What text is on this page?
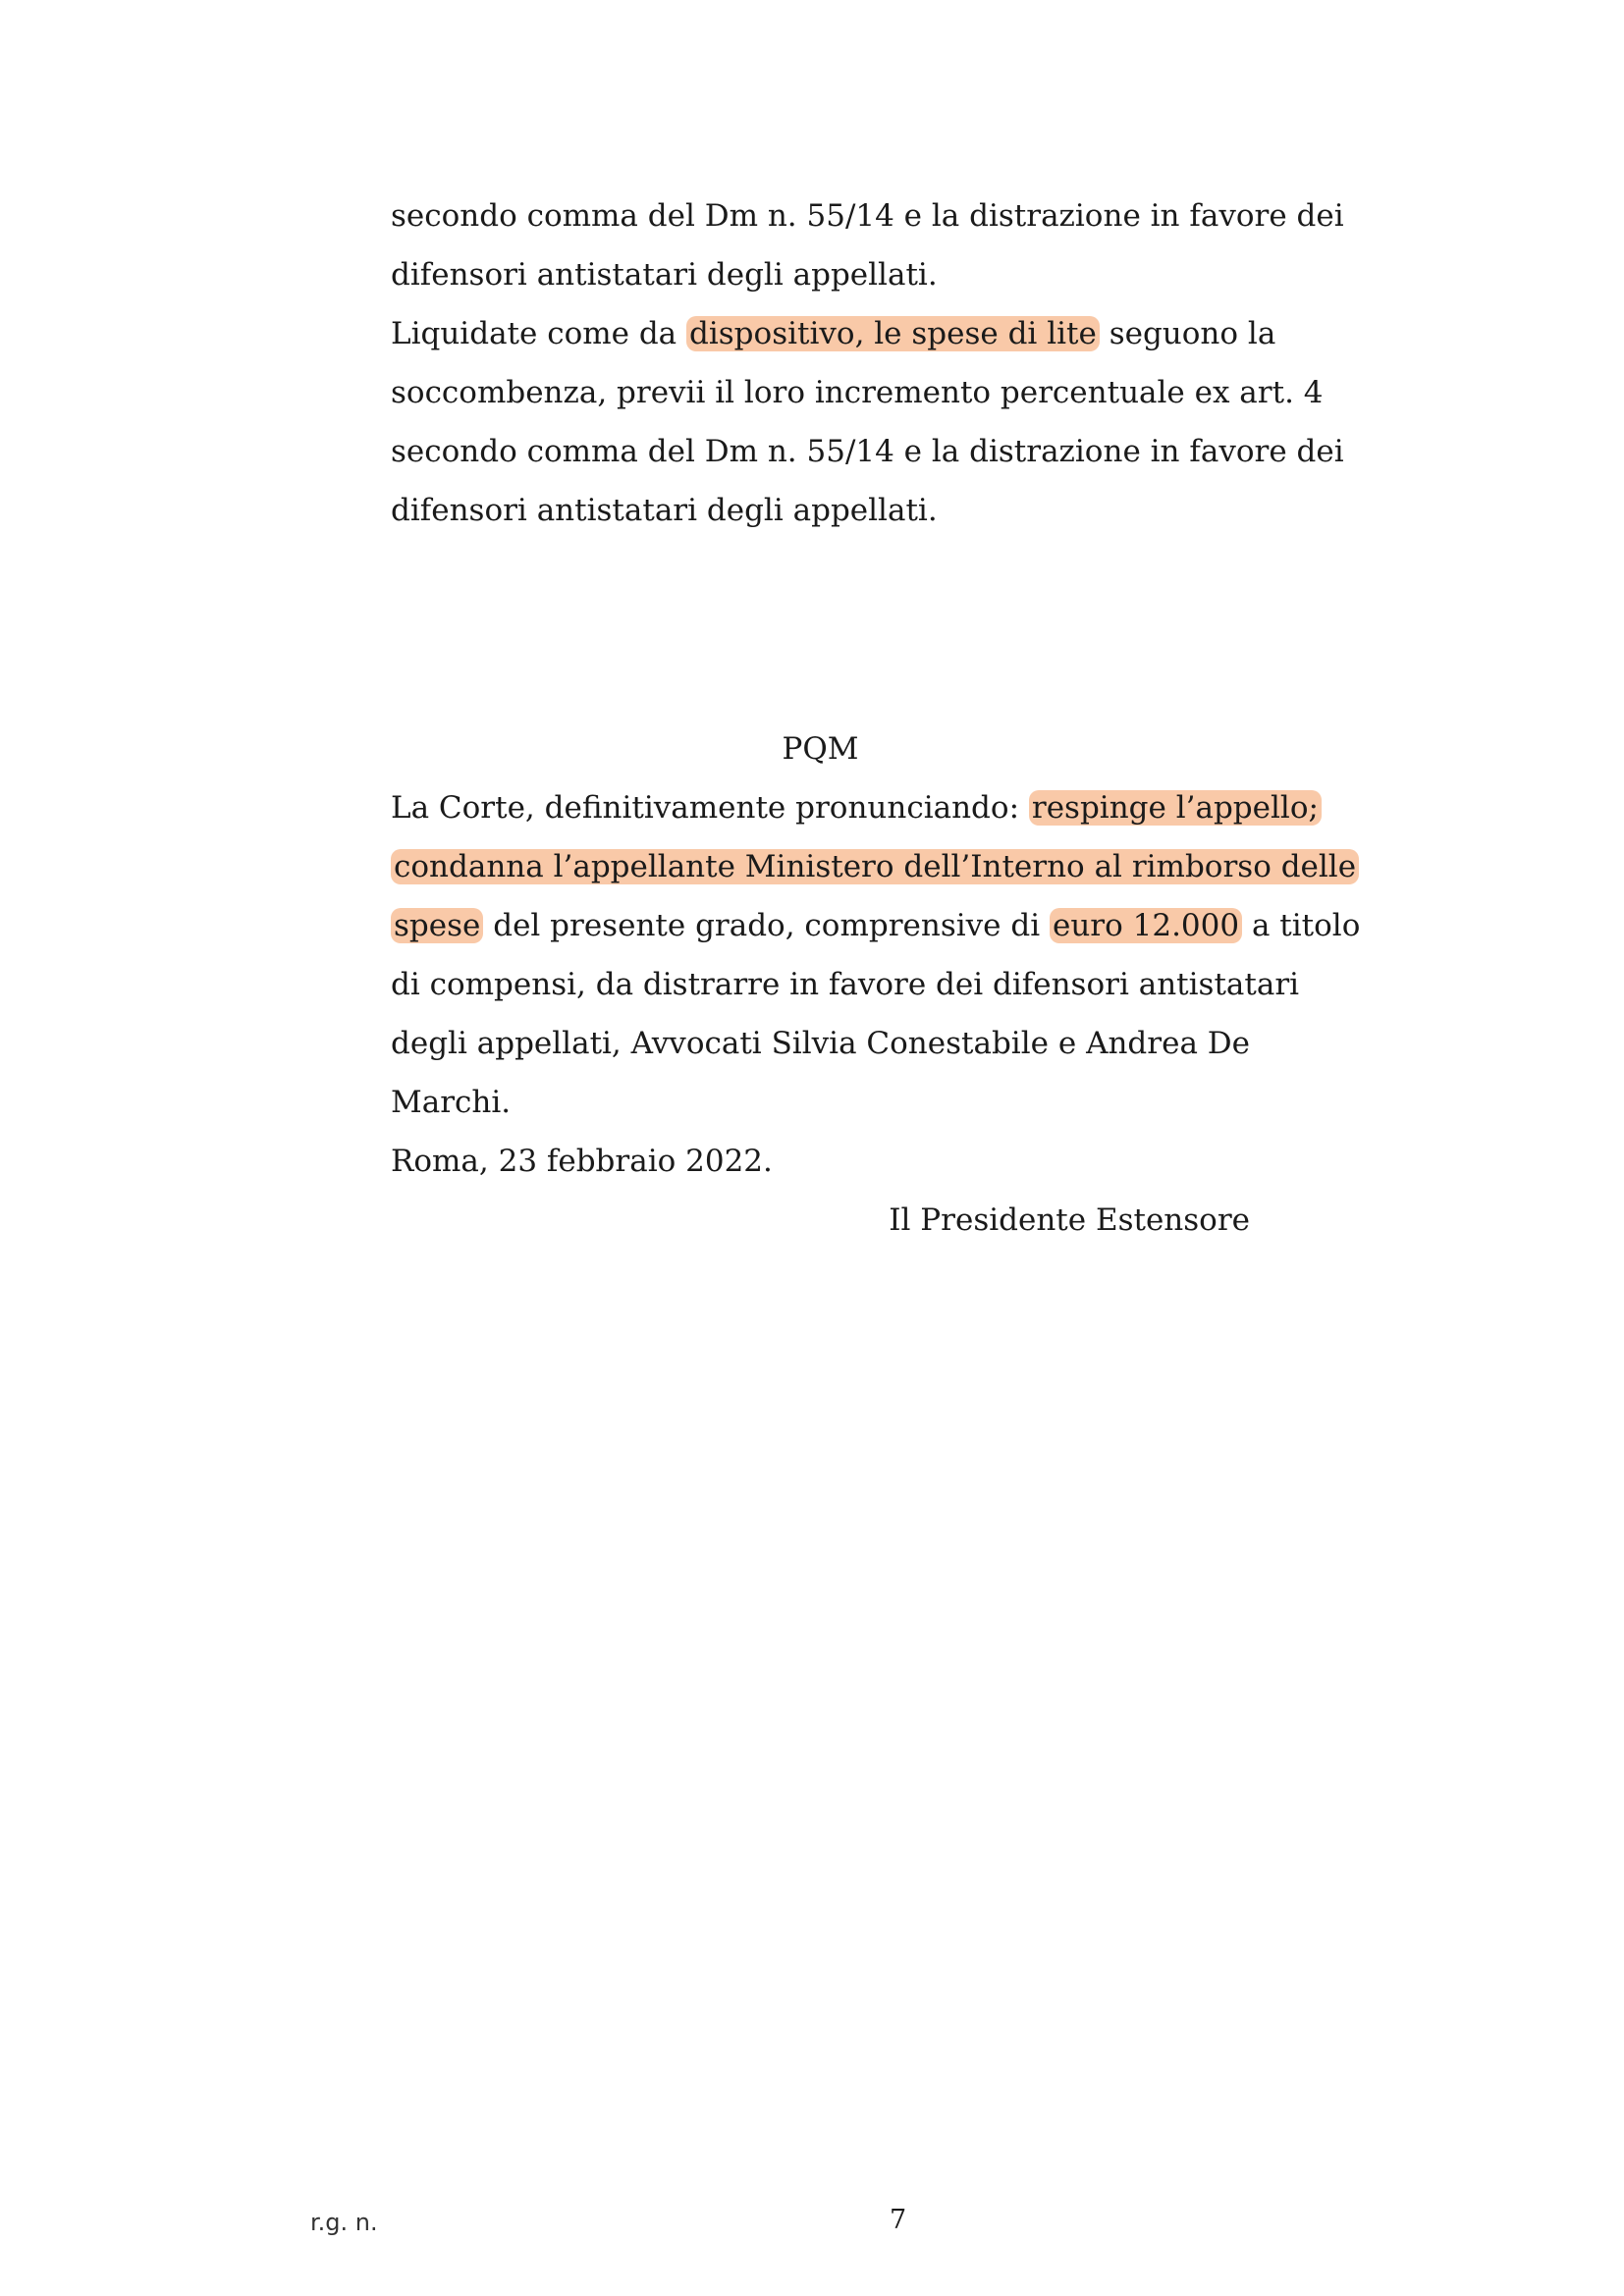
secondo comma del Dm n. 55/14 e la distrazione in favore dei
difensori antistatari degli appellati.
Liquidate come da dispositivo, le spese di lite seguono la
soccombenza, previi il loro incremento percentuale ex art. 4
secondo comma del Dm n. 55/14 e la distrazione in favore dei
difensori antistatari degli appellati.
PQM
La Corte, definitivamente pronunciando: respinge l’appello;
condanna l’appellante Ministero dell’Interno al rimborso delle
spese del presente grado, comprensive di euro 12.000 a titolo
di compensi, da distrarre in favore dei difensori antistatari
degli appellati, Avvocati Silvia Conestabile e Andrea De
Marchi.
Roma, 23 febbraio 2022.
Il Presidente Estensore
r.g. n.	7
